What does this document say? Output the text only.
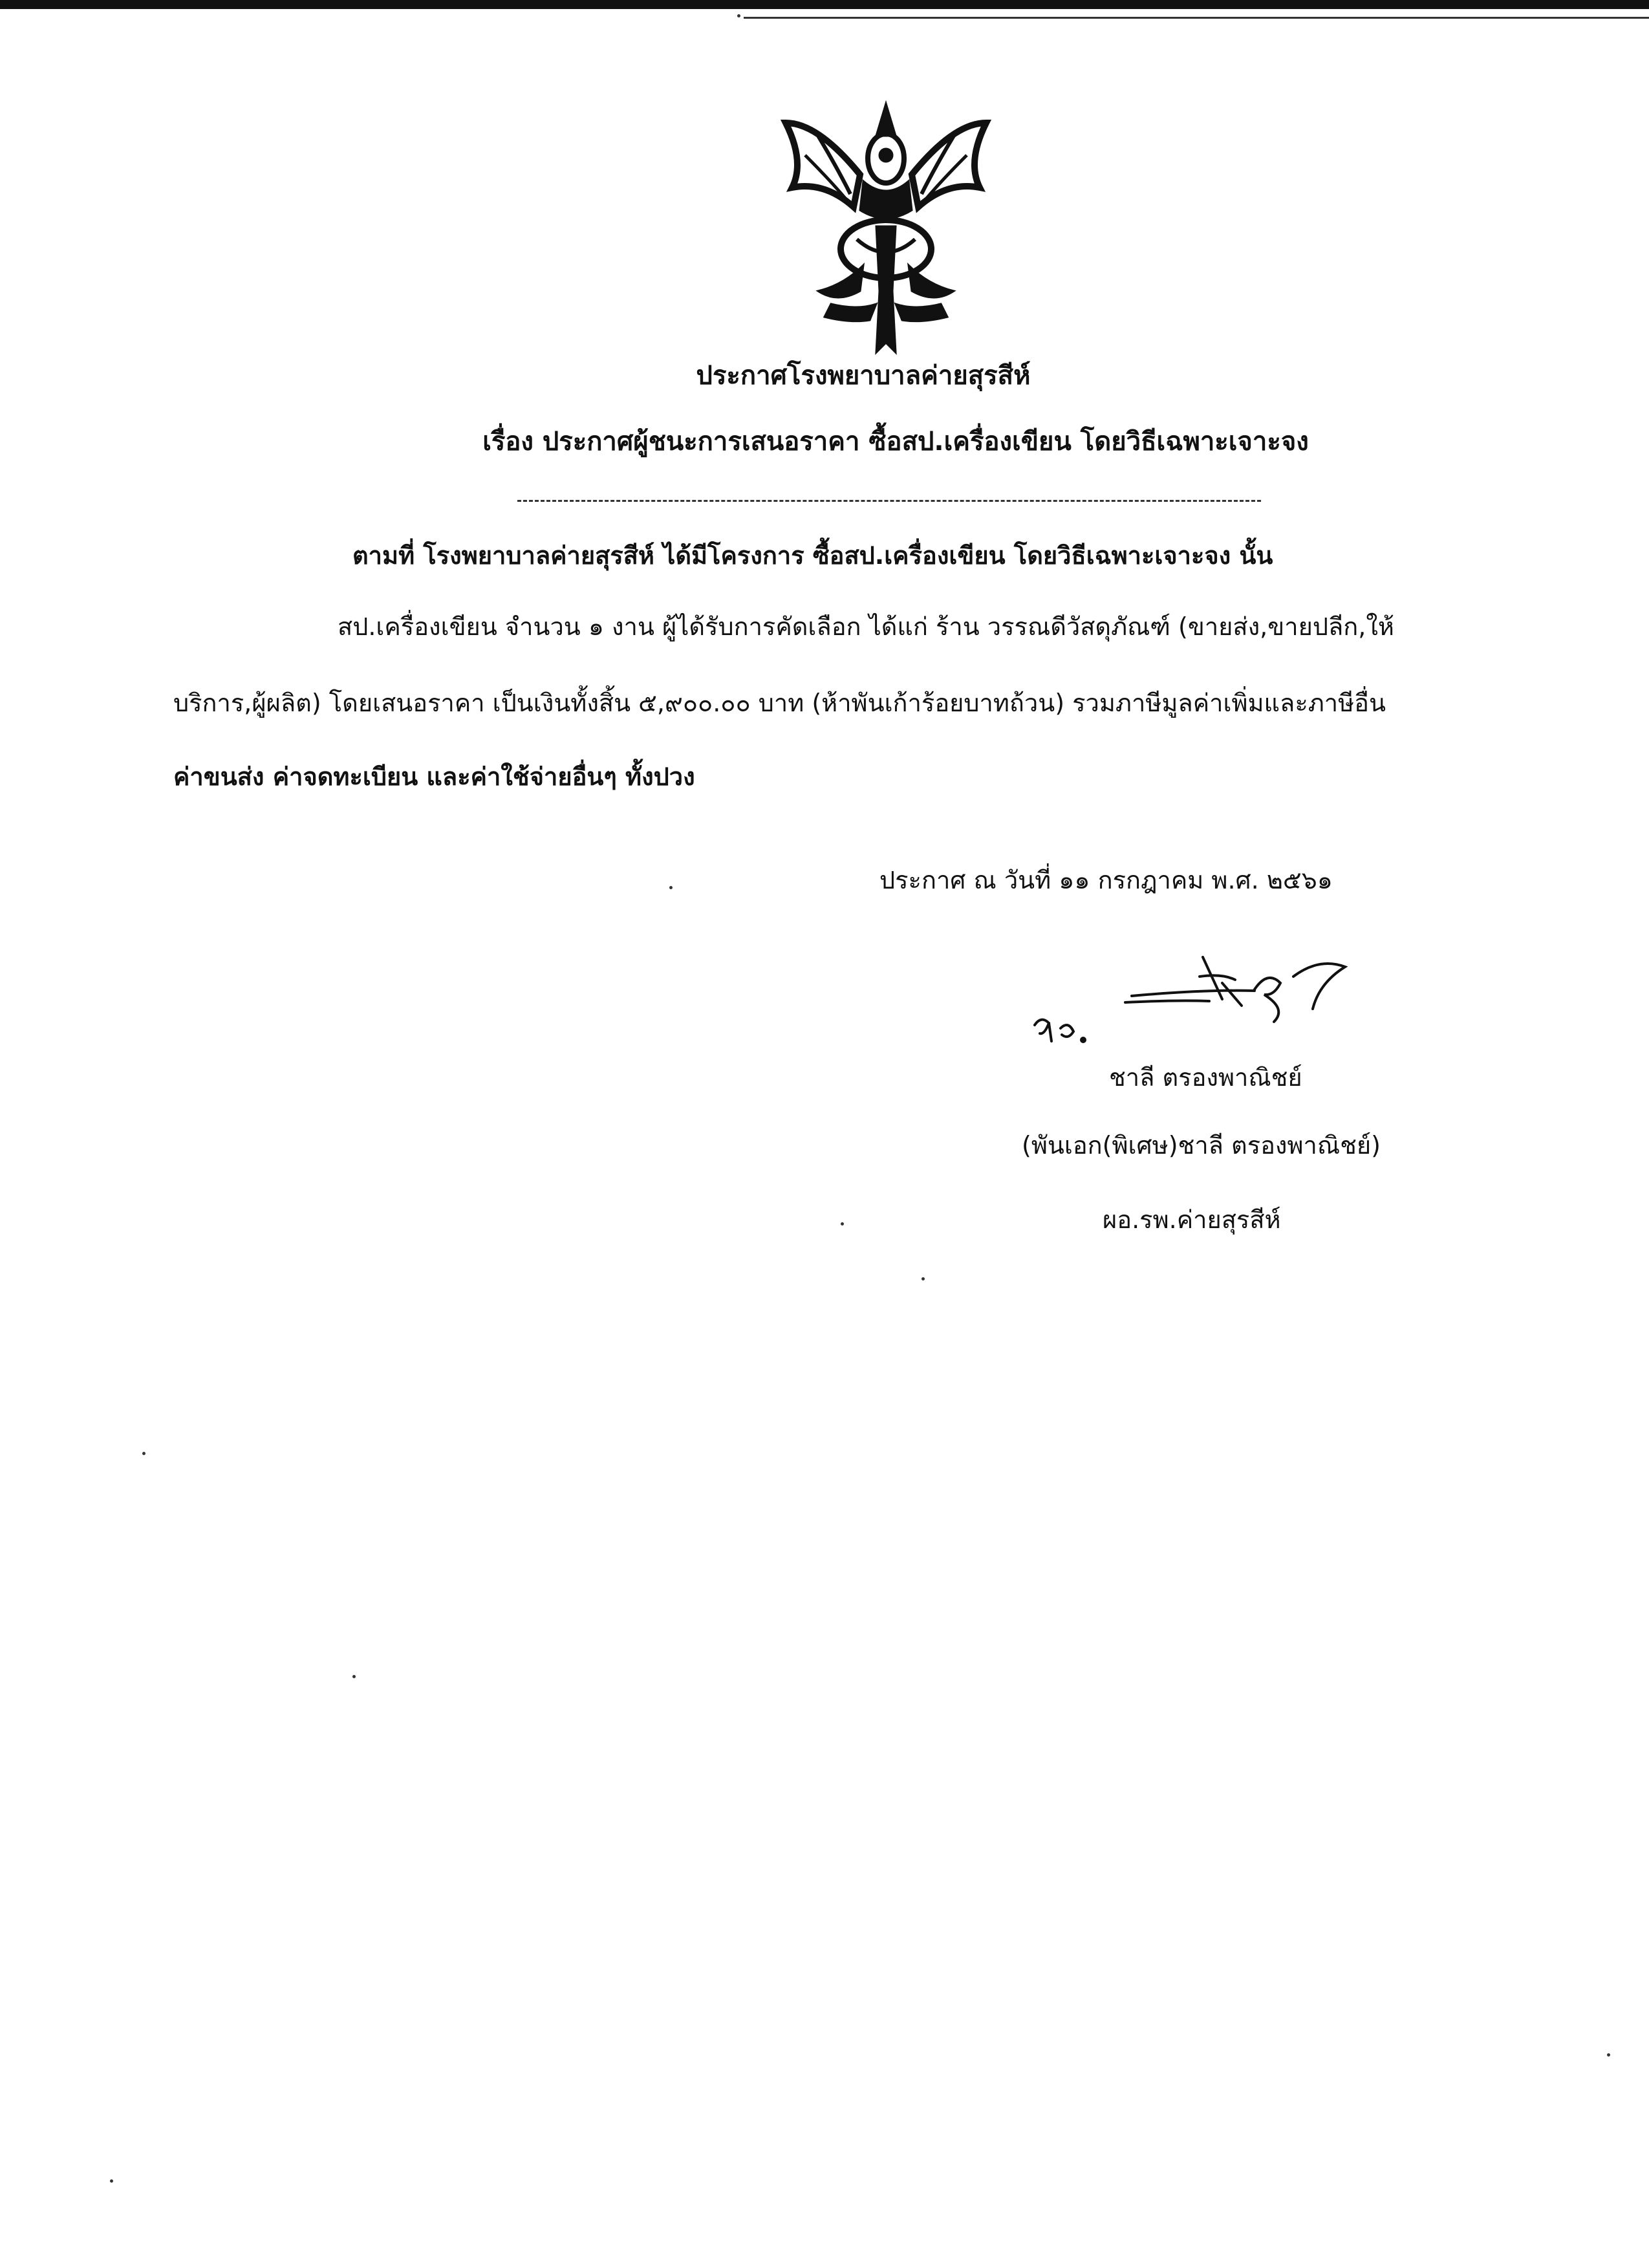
ประกาศโรงพยาบาลค่ายสุรสีห์
เรื่อง ประกาศผู้ชนะการเสนอราคา ซื้อสป.เครื่องเขียน โดยวิธีเฉพาะเจาะจง
ตามที่ โรงพยาบาลค่ายสุรสีห์ ได้มีโครงการ ซื้อสป.เครื่องเขียน โดยวิธีเฉพาะเจาะจง นั้น
สป.เครื่องเขียน จำนวน ๑ งาน ผู้ได้รับการคัดเลือก ได้แก่ ร้าน วรรณดีวัสดุภัณฑ์ (ขายส่ง,ขายปลีก,ให้
บริการ,ผู้ผลิต) โดยเสนอราคา เป็นเงินทั้งสิ้น ๕,๙๐๐.๐๐ บาท (ห้าพันเก้าร้อยบาทถ้วน) รวมภาษีมูลค่าเพิ่มและภาษีอื่น
ค่าขนส่ง ค่าจดทะเบียน และค่าใช้จ่ายอื่นๆ ทั้งปวง
ประกาศ ณ วันที่ ๑๑ กรกฎาคม พ.ศ. ๒๕๖๑
ชาลี ตรองพาณิชย์
(พันเอก(พิเศษ)ชาลี ตรองพาณิชย์)
ผอ.รพ.ค่ายสุรสีห์
